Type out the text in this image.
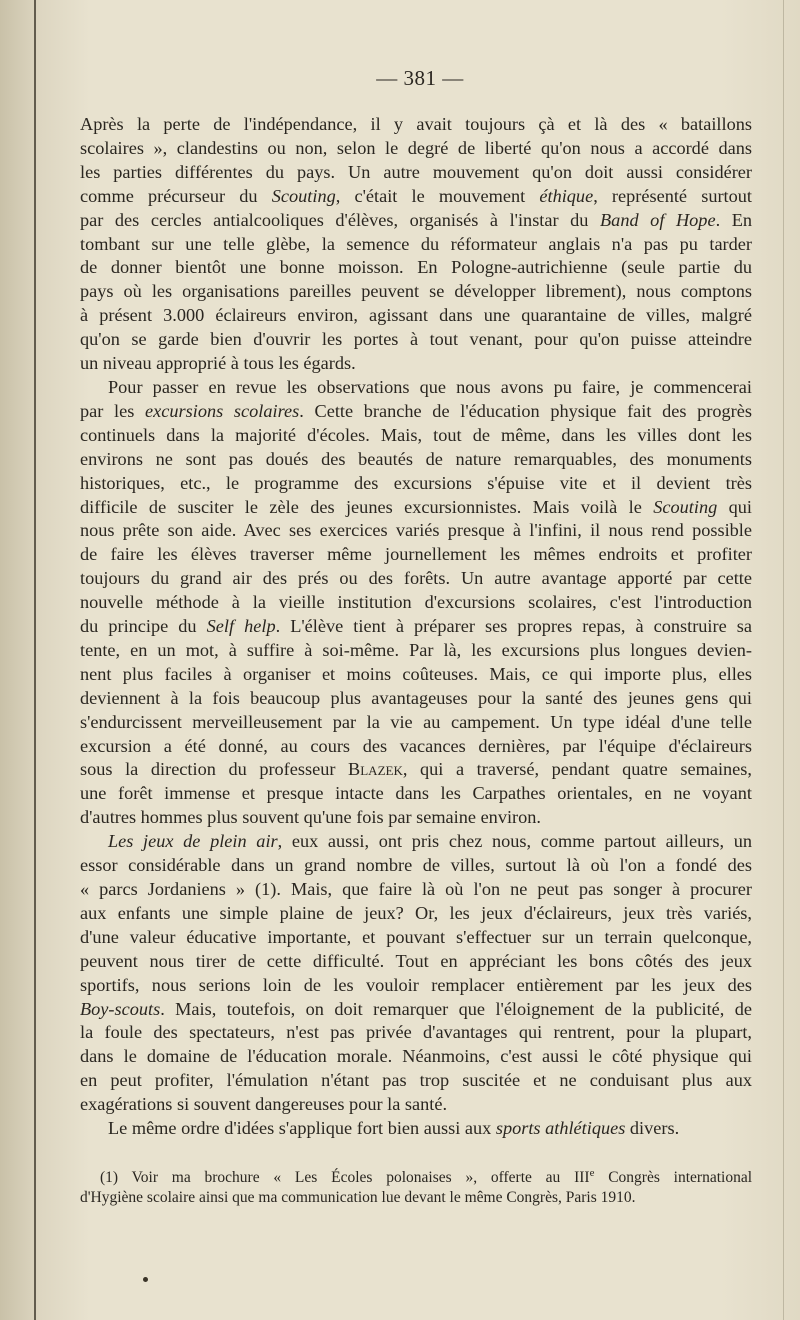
— 381 —
Après la perte de l'indépendance, il y avait toujours çà et là des « bataillons
scolaires », clandestins ou non, selon le degré de liberté qu'on nous a accordé dans
les parties différentes du pays. Un autre mouvement qu'on doit aussi considérer
comme précurseur du Scouting, c'était le mouvement éthique, représenté surtout
par des cercles antialcooliques d'élèves, organisés à l'instar du Band of Hope. En
tombant sur une telle glèbe, la semence du réformateur anglais n'a pas pu tarder
de donner bientôt une bonne moisson. En Pologne-autrichienne (seule partie du
pays où les organisations pareilles peuvent se développer librement), nous comptons
à présent 3.000 éclaireurs environ, agissant dans une quarantaine de villes, malgré
qu'on se garde bien d'ouvrir les portes à tout venant, pour qu'on puisse atteindre
un niveau approprié à tous les égards.
Pour passer en revue les observations que nous avons pu faire, je commencerai
par les excursions scolaires. Cette branche de l'éducation physique fait des progrès
continuels dans la majorité d'écoles. Mais, tout de même, dans les villes dont les
environs ne sont pas doués des beautés de nature remarquables, des monuments
historiques, etc., le programme des excursions s'épuise vite et il devient très
difficile de susciter le zèle des jeunes excursionnistes. Mais voilà le Scouting qui
nous prête son aide. Avec ses exercices variés presque à l'infini, il nous rend possible
de faire les élèves traverser même journellement les mêmes endroits et profiter
toujours du grand air des prés ou des forêts. Un autre avantage apporté par cette
nouvelle méthode à la vieille institution d'excursions scolaires, c'est l'introduction
du principe du Self help. L'élève tient à préparer ses propres repas, à construire sa
tente, en un mot, à suffire à soi-même. Par là, les excursions plus longues devien-
nent plus faciles à organiser et moins coûteuses. Mais, ce qui importe plus, elles
deviennent à la fois beaucoup plus avantageuses pour la santé des jeunes gens qui
s'endurcissent merveilleusement par la vie au campement. Un type idéal d'une telle
excursion a été donné, au cours des vacances dernières, par l'équipe d'éclaireurs
sous la direction du professeur Blazek, qui a traversé, pendant quatre semaines,
une forêt immense et presque intacte dans les Carpathes orientales, en ne voyant
d'autres hommes plus souvent qu'une fois par semaine environ.
Les jeux de plein air, eux aussi, ont pris chez nous, comme partout ailleurs, un
essor considérable dans un grand nombre de villes, surtout là où l'on a fondé des
« parcs Jordaniens » (1). Mais, que faire là où l'on ne peut pas songer à procurer
aux enfants une simple plaine de jeux? Or, les jeux d'éclaireurs, jeux très variés,
d'une valeur éducative importante, et pouvant s'effectuer sur un terrain quelconque,
peuvent nous tirer de cette difficulté. Tout en appréciant les bons côtés des jeux
sportifs, nous serions loin de les vouloir remplacer entièrement par les jeux des
Boy-scouts. Mais, toutefois, on doit remarquer que l'éloignement de la publicité, de
la foule des spectateurs, n'est pas privée d'avantages qui rentrent, pour la plupart,
dans le domaine de l'éducation morale. Néanmoins, c'est aussi le côté physique qui
en peut profiter, l'émulation n'étant pas trop suscitée et ne conduisant plus aux
exagérations si souvent dangereuses pour la santé.
Le même ordre d'idées s'applique fort bien aussi aux sports athlétiques divers.
(1) Voir ma brochure « Les Écoles polonaises », offerte au IIIe Congrès international
d'Hygiène scolaire ainsi que ma communication lue devant le même Congrès, Paris 1910.
